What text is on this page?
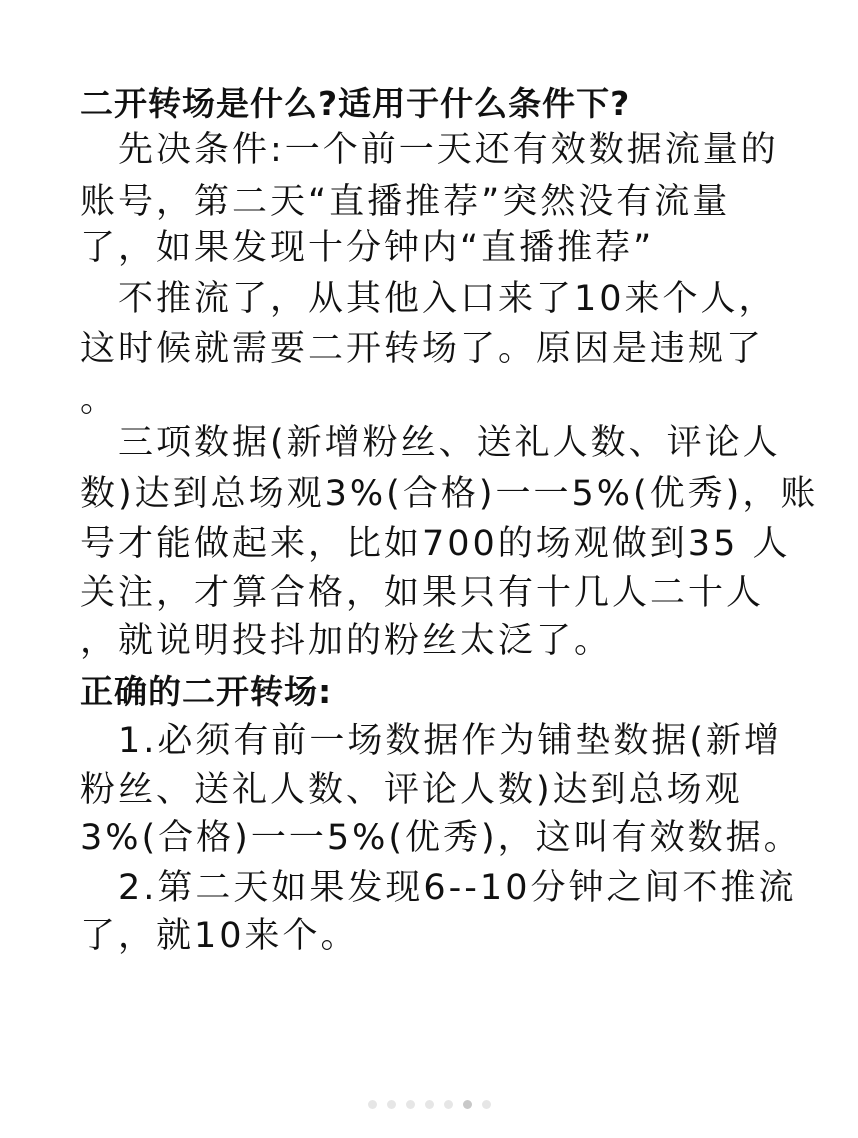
二开转场是什么?适用于什么条件下?
先决条件:一个前一天还有效数据流量的
账号，第二天“直播推荐”突然没有流量
了，如果发现十分钟内“直播推荐”
不推流了，从其他入口来了10来个人，
这时候就需要二开转场了。原因是违规了
。
三项数据(新增粉丝、送礼人数、评论人
数)达到总场观3%(合格)一一5%(优秀)，账
号才能做起来，比如700的场观做到35 人
关注，才算合格，如果只有十几人二十人
，就说明投抖加的粉丝太泛了。
正确的二开转场:
1.必须有前一场数据作为铺垫数据(新增
粉丝、送礼人数、评论人数)达到总场观
3%(合格)一一5%(优秀)，这叫有效数据。
2.第二天如果发现6--10分钟之间不推流
了，就10来个。
